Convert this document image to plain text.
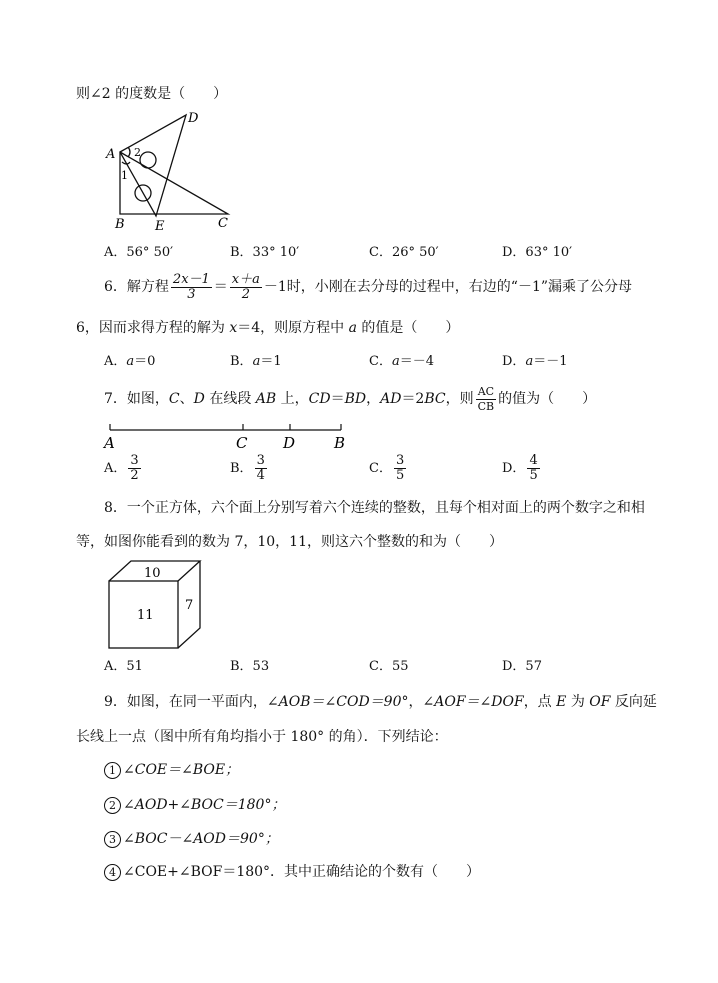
则∠2 的度数是（　　）
A
D
B E	C
2
1
A．56° 50′	B．33° 10′	C．26° 50′	D．63° 10′
6．解方程 $\frac{2x-1}{3} = \frac{x+a}{2} -1$时，小刚在去分母的过程中，右边的“－1”漏乘了公分母
6，因而求得方程的解为 x＝4，则原方程中 a 的值是（　　）
A．a＝0	B．a＝1	C．a＝－4	D．a＝－1
7．如图，C、D 在线段 AB 上，CD＝BD，AD＝2BC，则 $\frac{AC}{CB}$ 的值为（　　）
A	C D	B
A． $\frac{3}{2}$	B． $\frac{3}{4}$	C． $\frac{3}{5}$	D． $\frac{4}{5}$
8．一个正方体，六个面上分别写着六个连续的整数，且每个相对面上的两个数字之和相
等，如图你能看到的数为 7，10，11，则这六个整数的和为（　　）
10
11
7
A．51	B．53	C．55	D．57
9．如图，在同一平面内，∠AOB＝∠COD＝90°，∠AOF＝∠DOF，点 E 为 OF 反向延
长线上一点（图中所有角均指小于 180° 的角）．下列结论：
1 ∠COE＝∠BOE；
2 ∠AOD+∠BOC＝180°；
3 ∠BOC－∠AOD＝90°；
4 ∠COE+∠BOF＝180°．其中正确结论的个数有（　　）
